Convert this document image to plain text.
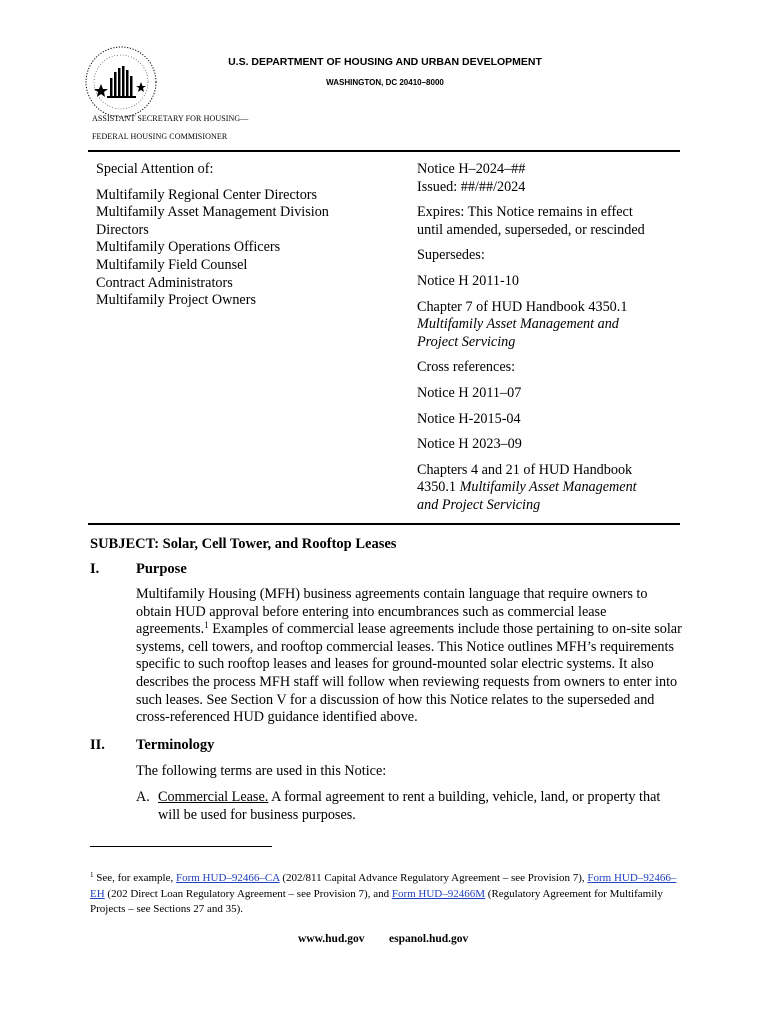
U.S. DEPARTMENT OF HOUSING AND URBAN DEVELOPMENT
WASHINGTON, DC 20410–8000
ASSISTANT SECRETARY FOR HOUSING—
FEDERAL HOUSING COMMISIONER

Special Attention of:

Multifamily Regional Center Directors

Multifamily Asset Management Division

Directors

Multifamily Operations Officers

Multifamily Field Counsel

Contract Administrators

Multifamily Project Owners

Notice H–2024–##

Issued: ##/##/2024

Expires: This Notice remains in effect

until amended, superseded, or rescinded

Supersedes:

Notice H 2011-10

Chapter 7 of HUD Handbook 4350.1

Multifamily Asset Management and

Project Servicing

Cross references:

Notice H 2011‒07

Notice H-2015-04

Notice H 2023–09

Chapters 4 and 21 of HUD Handbook

4350.1 Multifamily Asset Management

and Project Servicing

SUBJECT: Solar, Cell Tower, and Rooftop Leases
I.	Purpose
Multifamily Housing (MFH) business agreements contain language that require owners to obtain HUD approval before entering into encumbrances such as commercial lease agreements.$^1$ Examples of commercial lease agreements include those pertaining to on-site solar systems, cell towers, and rooftop commercial leases. This Notice outlines MFH’s requirements specific to such rooftop leases and leases for ground-mounted solar electric systems. It also describes the process MFH staff will follow when reviewing requests from owners to enter into such leases. See Section V for a discussion of how this Notice relates to the superseded and cross-referenced HUD guidance identified above.
II. Terminology
The following terms are used in this Notice:
A. Commercial Lease. A formal agreement to rent a building, vehicle, land, or property that will be used for business purposes.
$^1$ See, for example, Form HUD–92466–CA (202/811 Capital Advance Regulatory Agreement – see Provision 7), Form HUD–92466–EH (202 Direct Loan Regulatory Agreement – see Provision 7), and Form HUD–92466M (Regulatory Agreement for Multifamily Projects – see Sections 27 and 35).
www.hud.gov espanol.hud.gov
